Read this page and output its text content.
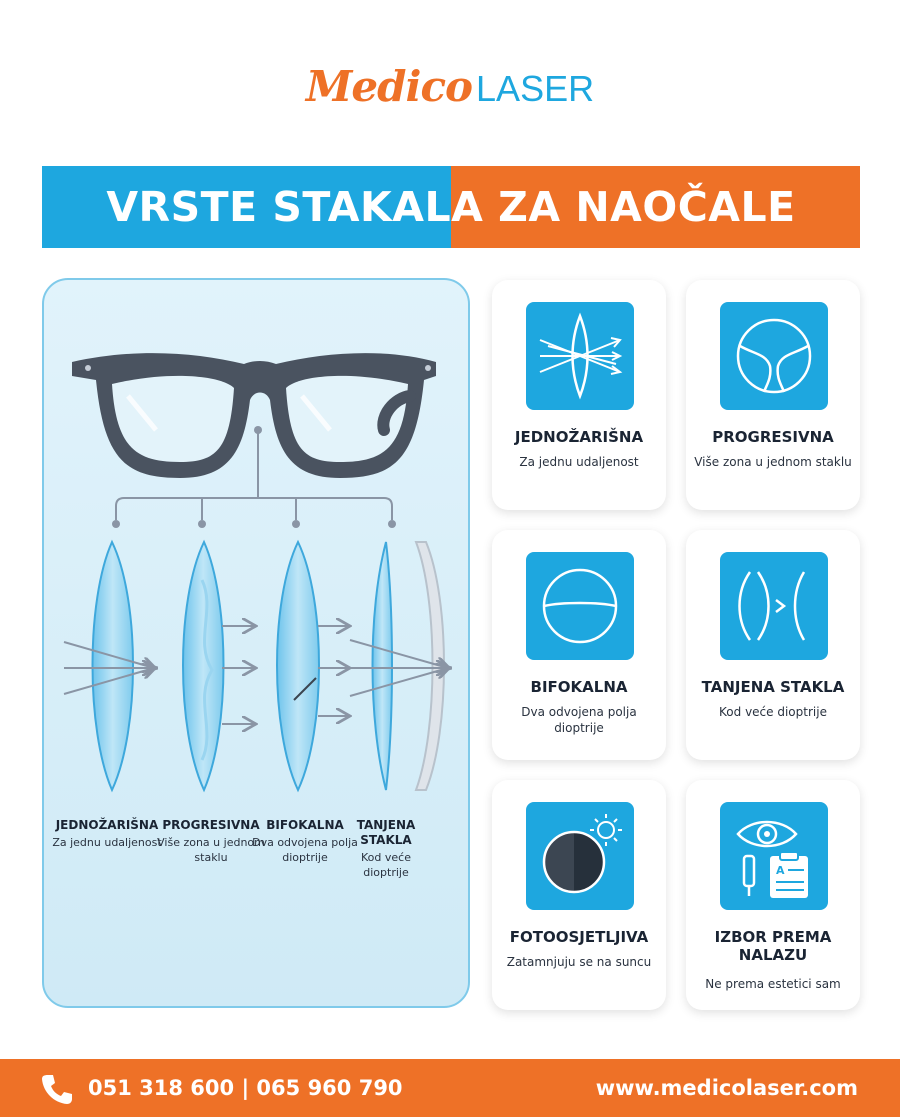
Medico LASER
VRSTE STAKALA ZA NAOČALE
JEDNOŽARIŠNA
Za jednu udaljenost
PROGRESIVNA
Više zona u jednom staklu
BIFOKALNA
Dva odvojena polja dioptrije
TANJENA STAKLA
Kod veće dioptrije
JEDNOŽARIŠNA
Za jednu udaljenost
PROGRESIVNA
Više zona u jednom staklu
BIFOKALNA
Dva odvojena polja dioptrije
TANJENA STAKLA
Kod veće dioptrije
FOTOOSJETLJIVA
Zatamnjuju se na suncu
A
IZBOR PREMA NALAZU
Ne prema estetici sam
051 318 600 | 065 960 790	www.medicolaser.com
